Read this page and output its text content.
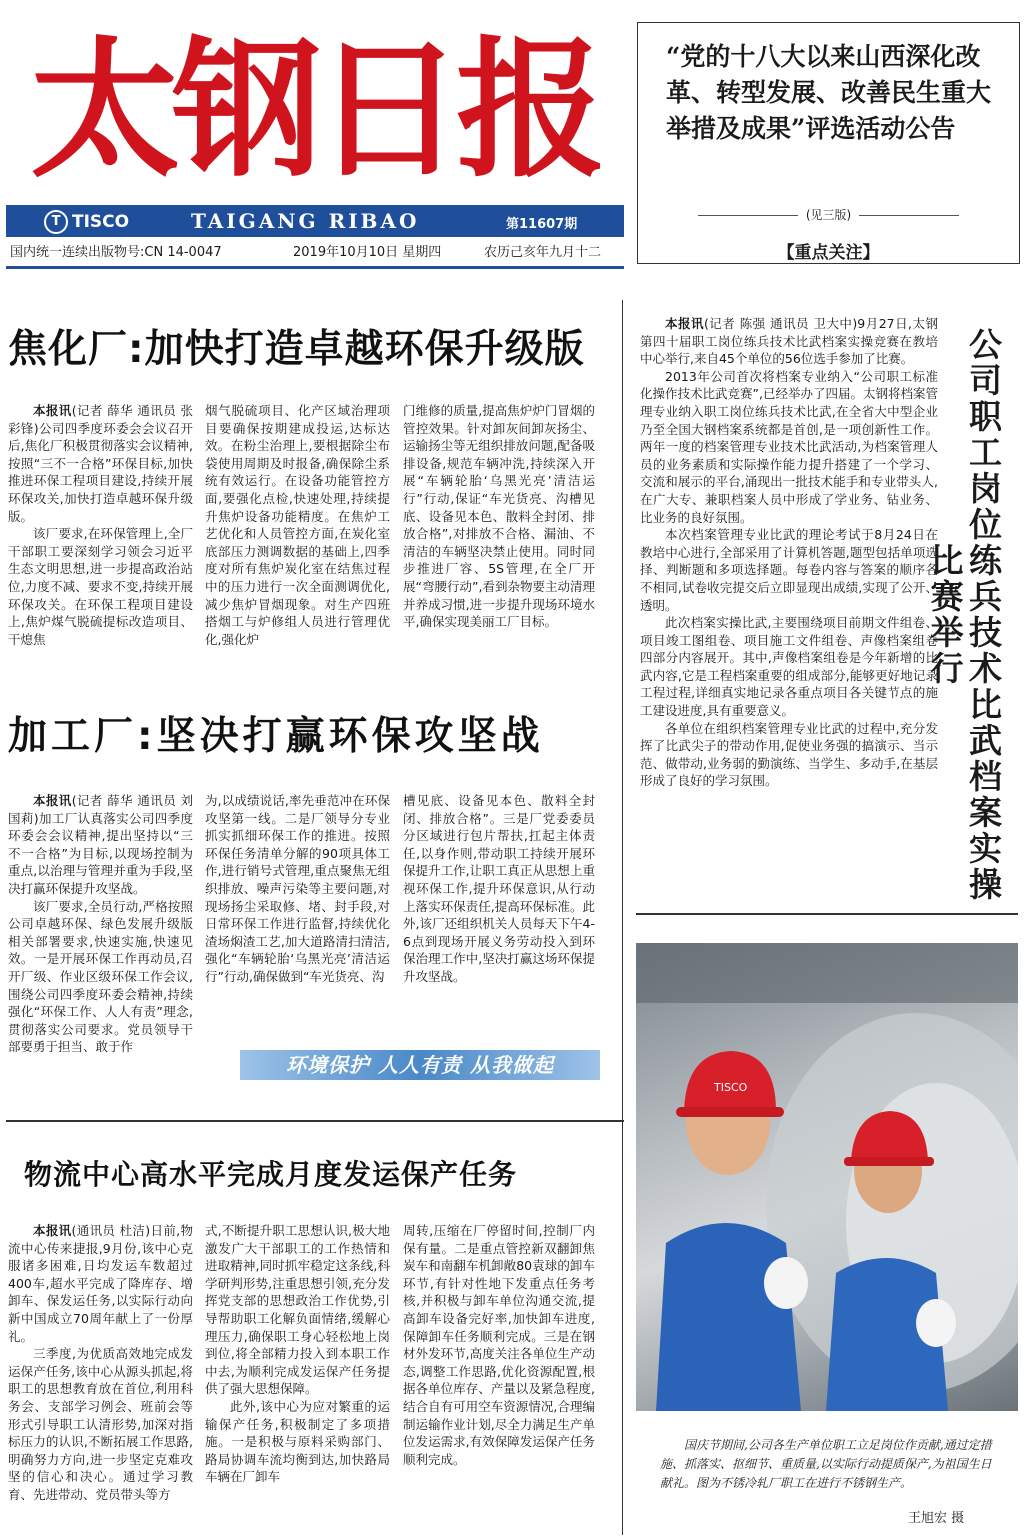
太钢日报
T TISCO	TAIGANG RIBAO	第11607期
国内统一连续出版物号:CN 14-0047	2019年10月10日 星期四	农历己亥年九月十二
“党的十八大以来山西深化改革、转型发展、改善民生重大举措及成果”评选活动公告
(见三版)
【重点关注】
焦化厂:加快打造卓越环保升级版

本报讯(记者 薛华 通讯员 张彩锋)公司四季度环委会会议召开后,焦化厂积极贯彻落实会议精神,按照“三不一合格”环保目标,加快推进环保工程项目建设,持续开展环保攻关,加快打造卓越环保升级版。

该厂要求,在环保管理上,全厂干部职工要深刻学习领会习近平生态文明思想,进一步提高政治站位,力度不减、要求不变,持续开展环保攻关。在环保工程项目建设上,焦炉煤气脱硫提标改造项目、干熄焦

烟气脱硫项目、化产区域治理项目要确保按期建成投运,达标达效。在粉尘治理上,要根据除尘布袋使用周期及时报备,确保除尘系统有效运行。在设备功能管控方面,要强化点检,快速处理,持续提升焦炉设备功能精度。在焦炉工艺优化和人员管控方面,在炭化室底部压力测调数据的基础上,四季度对所有焦炉炭化室在结焦过程中的压力进行一次全面测调优化,减少焦炉冒烟现象。对生产四班搭烟工与炉修组人员进行管理优化,强化炉

门维修的质量,提高焦炉炉门冒烟的管控效果。针对卸灰间卸灰扬尘、运输扬尘等无组织排放问题,配备吸排设备,规范车辆冲洗,持续深入开展“车辆轮胎‘乌黑光亮’清洁运行”行动,保证“车光货亮、沟槽见底、设备见本色、散料全封闭、排放合格”,对排放不合格、漏油、不清洁的车辆坚决禁止使用。同时同步推进厂容、5S管理,在全厂开展“弯腰行动”,看到杂物要主动清理并养成习惯,进一步提升现场环境水平,确保实现美丽工厂目标。

加工厂:坚决打赢环保攻坚战

本报讯(记者 薛华 通讯员 刘国莉)加工厂认真落实公司四季度环委会会议精神,提出坚持以“三不一合格”为目标,以现场控制为重点,以治理与管理并重为手段,坚决打赢环保提升攻坚战。

该厂要求,全员行动,严格按照公司卓越环保、绿色发展升级版相关部署要求,快速实施,快速见效。一是开展环保工作再动员,召开厂级、作业区级环保工作会议,围绕公司四季度环委会精神,持续强化“环保工作、人人有责”理念,贯彻落实公司要求。党员领导干部要勇于担当、敢于作

为,以成绩说话,率先垂范冲在环保攻坚第一线。二是厂领导分专业抓实抓细环保工作的推进。按照环保任务清单分解的90项具体工作,进行销号式管理,重点聚焦无组织排放、噪声污染等主要问题,对现场扬尘采取修、堵、封手段,对日常环保工作进行监督,持续优化渣场焖渣工艺,加大道路清扫清洁,强化“车辆轮胎‘乌黑光亮’清洁运行”行动,确保做到“车光货亮、沟

槽见底、设备见本色、散料全封闭、排放合格”。三是厂党委委员分区域进行包片帮扶,扛起主体责任,以身作则,带动职工持续开展环保提升工作,让职工真正从思想上重视环保工作,提升环保意识,从行动上落实环保责任,提高环保标准。此外,该厂还组织机关人员每天下午4-6点到现场开展义务劳动投入到环保治理工作中,坚决打赢这场环保提升攻坚战。

环境保护 人人有责 从我做起
物流中心高水平完成月度发运保产任务

本报讯(通讯员 杜洁)日前,物流中心传来捷报,9月份,该中心克服诸多困难,日均发运车数超过400车,超水平完成了降库存、增卸车、保发运任务,以实际行动向新中国成立70周年献上了一份厚礼。

三季度,为优质高效地完成发运保产任务,该中心从源头抓起,将职工的思想教育放在首位,利用科务会、支部学习例会、班前会等形式引导职工认清形势,加深对指标压力的认识,不断拓展工作思路,明确努力方向,进一步坚定克难攻坚的信心和决心。通过学习教育、先进带动、党员带头等方

式,不断提升职工思想认识,极大地激发广大干部职工的工作热情和进取精神,同时抓牢稳定这条线,科学研判形势,注重思想引领,充分发挥党支部的思想政治工作优势,引导帮助职工化解负面情绪,缓解心理压力,确保职工身心轻松地上岗到位,将全部精力投入到本职工作中去,为顺利完成发运保产任务提供了强大思想保障。

此外,该中心为应对繁重的运输保产任务,积极制定了多项措施。一是积极与原料采购部门、路局协调车流均衡到达,加快路局车辆在厂卸车

周转,压缩在厂停留时间,控制厂内保有量。二是重点管控新双翻卸焦炭车和南翻车机卸敞80袁球的卸车环节,有针对性地下发重点任务考核,并积极与卸车单位沟通交流,提高卸车设备完好率,加快卸车进度,保障卸车任务顺利完成。三是在钢材外发环节,高度关注各单位生产动态,调整工作思路,优化资源配置,根据各单位库存、产量以及紧急程度,结合自有可用空车资源情况,合理编制运输作业计划,尽全力满足生产单位发运需求,有效保障发运保产任务顺利完成。

本报讯(记者 陈强 通讯员 卫大中)9月27日,太钢第四十届职工岗位练兵技术比武档案实操竞赛在教培中心举行,来自45个单位的56位选手参加了比赛。

2013年公司首次将档案专业纳入“公司职工标准化操作技术比武竞赛”,已经举办了四届。太钢将档案管理专业纳入职工岗位练兵技术比武,在全省大中型企业乃至全国大钢档案系统都是首创,是一项创新性工作。两年一度的档案管理专业技术比武活动,为档案管理人员的业务素质和实际操作能力提升搭建了一个学习、交流和展示的平台,涌现出一批技术能手和专业带头人,在广大专、兼职档案人员中形成了学业务、钻业务、比业务的良好氛围。

本次档案管理专业比武的理论考试于8月24日在教培中心进行,全部采用了计算机答题,题型包括单项选择、判断题和多项选择题。每卷内容与答案的顺序各不相同,试卷收完提交后立即显现出成绩,实现了公开、透明。

此次档案实操比武,主要围绕项目前期文件组卷、项目竣工图组卷、项目施工文件组卷、声像档案组卷四部分内容展开。其中,声像档案组卷是今年新增的比武内容,它是工程档案重要的组成部分,能够更好地记录工程过程,详细真实地记录各重点项目各关键节点的施工建设进度,具有重要意义。

各单位在组织档案管理专业比武的过程中,充分发挥了比武尖子的带动作用,促使业务强的搞演示、当示范、做带动,业务弱的勤演练、当学生、多动手,在基层形成了良好的学习氛围。	公司职工岗位练兵技术比武档案实操比赛举行
TISCO
国庆节期间,公司各生产单位职工立足岗位作贡献,通过定措施、抓落实、抠细节、重质量,以实际行动提质保产,为祖国生日献礼。图为不锈冷轧厂职工在进行不锈钢生产。
王旭宏 摄
